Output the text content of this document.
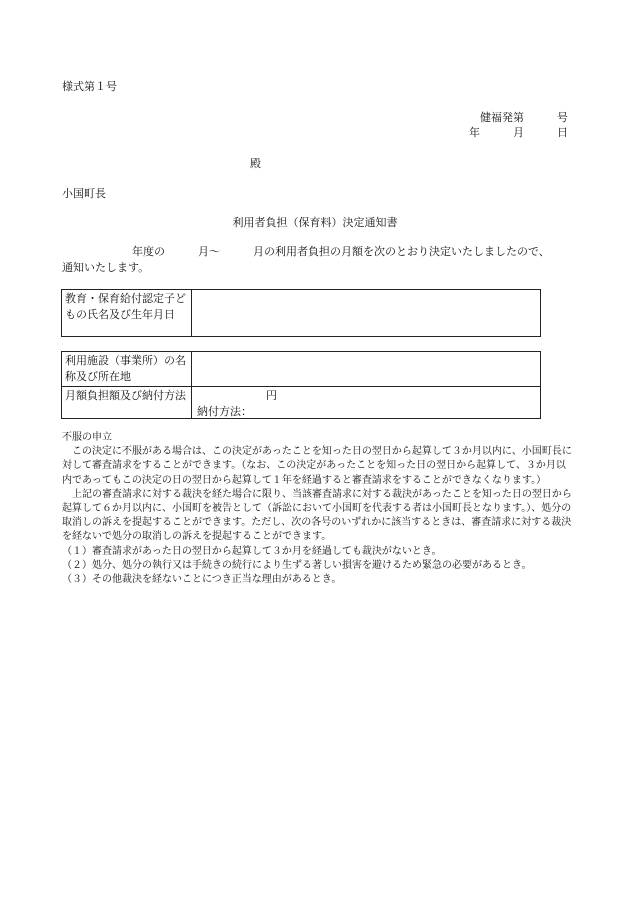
様式第１号
健福発第　　　号
年	月	日
殿
小国町長
利用者負担（保育料）決定通知書
年度の　　　月～　　　月の利用者負担の月額を次のとおり決定いたしましたので、
通知いたします。
教育・保育給付認定子どもの氏名及び生年月日	
利用施設（事業所）の名称及び所在地	
月額負担額及び納付方法	円
納付方法：

不服の申立

　この決定に不服がある場合は、この決定があったことを知った日の翌日から起算して３か月以内に、小国町長に対して審査請求をすることができます。（なお、この決定があったことを知った日の翌日から起算して、３か月以内であってもこの決定の日の翌日から起算して１年を経過すると審査請求をすることができなくなります。）

　上記の審査請求に対する裁決を経た場合に限り、当該審査請求に対する裁決があったことを知った日の翌日から起算して６か月以内に、小国町を被告として（訴訟において小国町を代表する者は小国町長となります。）、処分の取消しの訴えを提起することができます。ただし、次の各号のいずれかに該当するときは、審査請求に対する裁決を経ないで処分の取消しの訴えを提起することができます。

（１）審査請求があった日の翌日から起算して３か月を経過しても裁決がないとき。

（２）処分、処分の執行又は手続きの続行により生ずる著しい損害を避けるため緊急の必要があるとき。

（３）その他裁決を経ないことにつき正当な理由があるとき。
